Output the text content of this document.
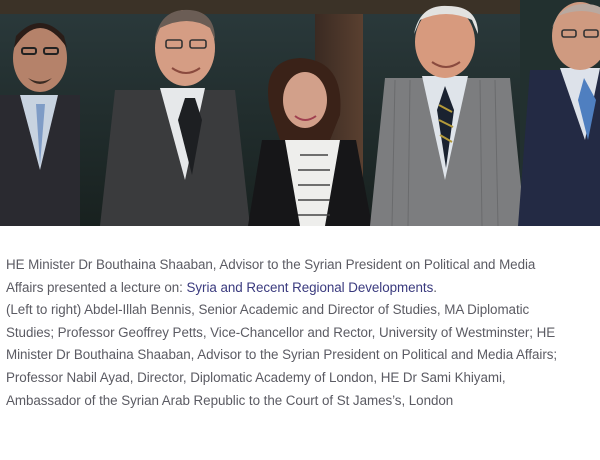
HE Minister Dr Bouthaina Shaaban, Advisor to the Syrian President on Political and Media Affairs presented a lecture on: Syria and Recent Regional Developments.

(Left to right) Abdel-Illah Bennis, Senior Academic and Director of Studies, MA Diplomatic Studies; Professor Geoffrey Petts, Vice-Chancellor and Rector, University of Westminster; HE Minister Dr Bouthaina Shaaban, Advisor to the Syrian President on Political and Media Affairs; Professor Nabil Ayad, Director, Diplomatic Academy of London, HE Dr Sami Khiyami, Ambassador of the Syrian Arab Republic to the Court of St James’s, London
